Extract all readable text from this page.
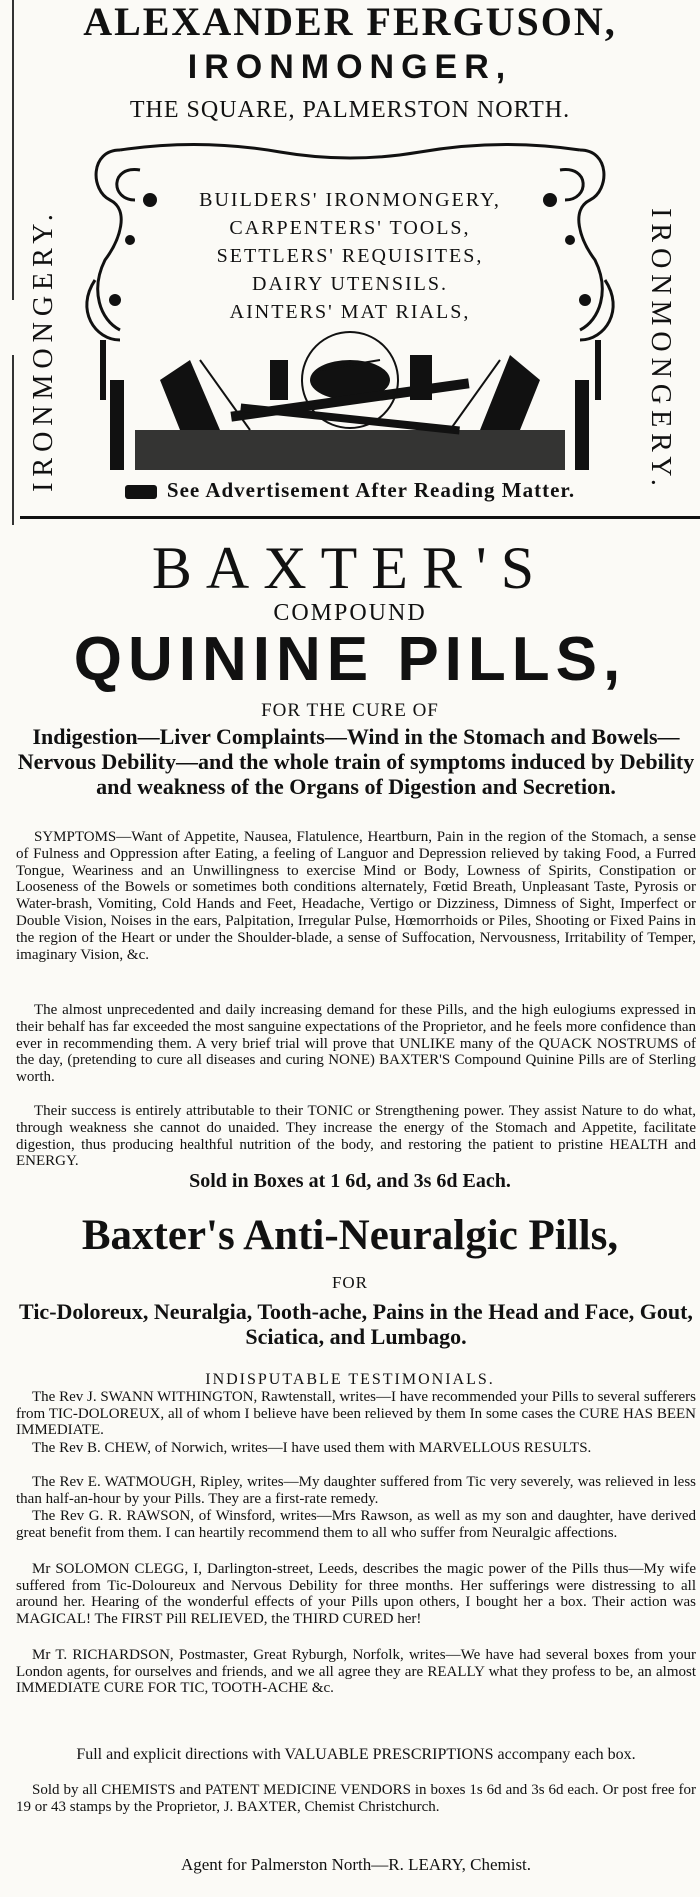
ALEXANDER FERGUSON,
IRONMONGER,
THE SQUARE, PALMERSTON NORTH.
IRONMONGERY.	IRONMONGERY.
BUILDERS' IRONMONGERY,
CARPENTERS' TOOLS,
SETTLERS' REQUISITES,
DAIRY UTENSILS.
AINTERS' MAT RIALS,
See Advertisement After Reading Matter.
BAXTER'S
COMPOUND
QUININE PILLS,
FOR THE CURE OF
Indigestion—Liver Complaints—Wind in the Stomach and Bowels—Nervous Debility—and the whole train of symptoms induced by Debility and weakness of the Organs of Digestion and Secretion.
SYMPTOMS—Want of Appetite, Nausea, Flatulence, Heartburn, Pain in the region of the Stomach, a sense of Fulness and Oppression after Eating, a feeling of Languor and Depression relieved by taking Food, a Furred Tongue, Weariness and an Unwillingness to exercise Mind or Body, Lowness of Spirits, Constipation or Looseness of the Bowels or sometimes both conditions alternately, Fœtid Breath, Unpleasant Taste, Pyrosis or Water-brash, Vomiting, Cold Hands and Feet, Headache, Vertigo or Dizziness, Dimness of Sight, Imperfect or Double Vision, Noises in the ears, Palpitation, Irregular Pulse, Hœmorrhoids or Piles, Shooting or Fixed Pains in the region of the Heart or under the Shoulder-blade, a sense of Suffocation, Nervousness, Irritability of Temper, imaginary Vision, &c.
The almost unprecedented and daily increasing demand for these Pills, and the high eulogiums expressed in their behalf has far exceeded the most sanguine expectations of the Proprietor, and he feels more confidence than ever in recommending them. A very brief trial will prove that UNLIKE many of the QUACK NOSTRUMS of the day, (pretending to cure all diseases and curing NONE) BAXTER'S Compound Quinine Pills are of Sterling worth.
Their success is entirely attributable to their TONIC or Strengthening power. They assist Nature to do what, through weakness she cannot do unaided. They increase the energy of the Stomach and Appetite, facilitate digestion, thus producing healthful nutrition of the body, and restoring the patient to pristine HEALTH and ENERGY.
Sold in Boxes at 1 6d, and 3s 6d Each.
Baxter's Anti-Neuralgic Pills,
FOR
Tic-Doloreux, Neuralgia, Tooth-ache, Pains in the Head and Face, Gout, Sciatica, and Lumbago.
INDISPUTABLE TESTIMONIALS.
The Rev J. SWANN WITHINGTON, Rawtenstall, writes—I have recommended your Pills to several sufferers from TIC-DOLOREUX, all of whom I believe have been relieved by them In some cases the CURE HAS BEEN IMMEDIATE.
The Rev B. CHEW, of Norwich, writes—I have used them with MARVELLOUS RESULTS.
The Rev E. WATMOUGH, Ripley, writes—My daughter suffered from Tic very severely, was relieved in less than half-an-hour by your Pills. They are a first-rate remedy.
The Rev G. R. RAWSON, of Winsford, writes—Mrs Rawson, as well as my son and daughter, have derived great benefit from them. I can heartily recommend them to all who suffer from Neuralgic affections.
Mr SOLOMON CLEGG, I, Darlington-street, Leeds, describes the magic power of the Pills thus—My wife suffered from Tic-Doloureux and Nervous Debility for three months. Her sufferings were distressing to all around her. Hearing of the wonderful effects of your Pills upon others, I bought her a box. Their action was MAGICAL! The FIRST Pill RELIEVED, the THIRD CURED her!
Mr T. RICHARDSON, Postmaster, Great Ryburgh, Norfolk, writes—We have had several boxes from your London agents, for ourselves and friends, and we all agree they are REALLY what they profess to be, an almost IMMEDIATE CURE FOR TIC, TOOTH-ACHE &c.
Full and explicit directions with VALUABLE PRESCRIPTIONS accompany each box.
Sold by all CHEMISTS and PATENT MEDICINE VENDORS in boxes 1s 6d and 3s 6d each. Or post free for 19 or 43 stamps by the Proprietor, J. BAXTER, Chemist Christchurch.
Agent for Palmerston North—R. LEARY, Chemist.
